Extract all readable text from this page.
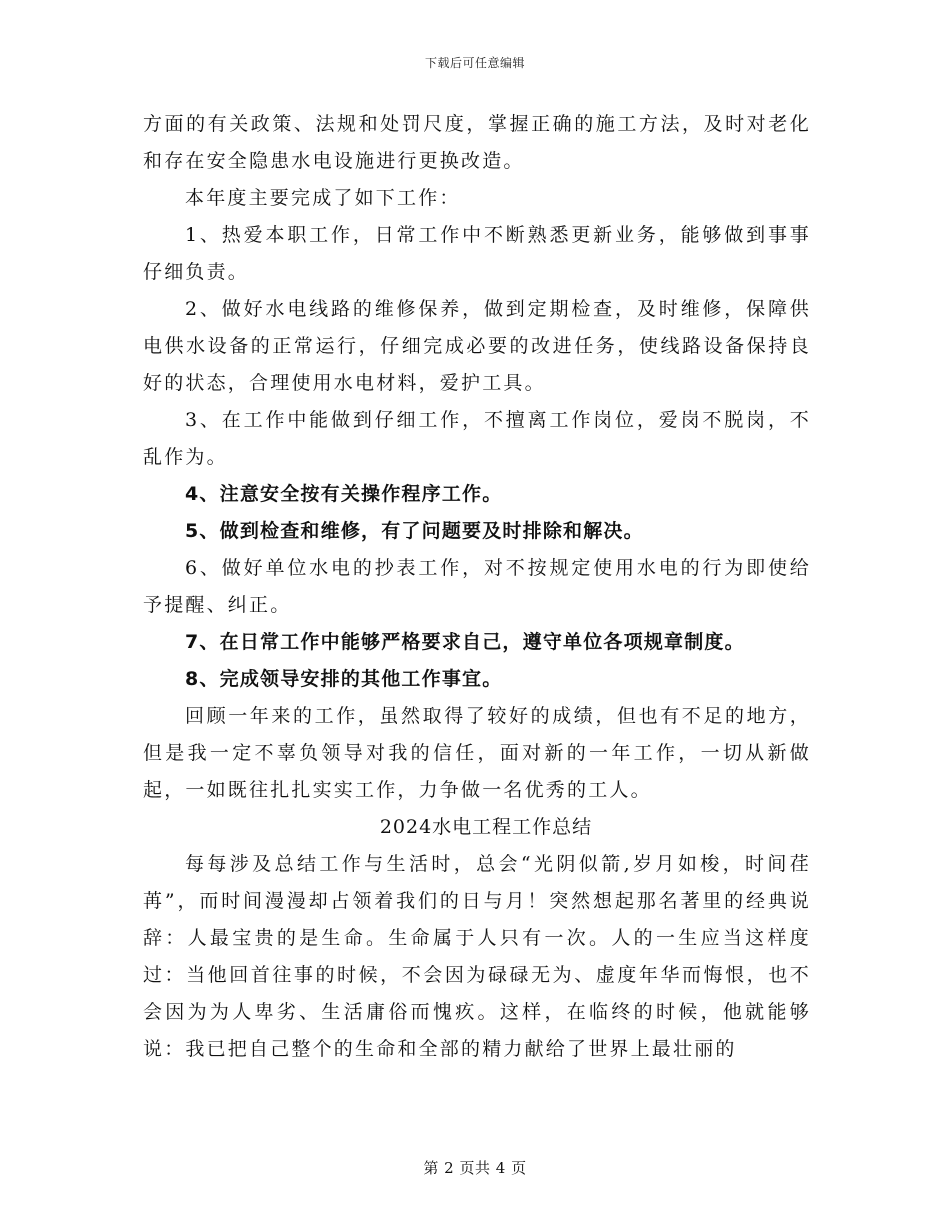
下载后可任意编辑

方面的有关政策、法规和处罚尺度，掌握正确的施工方法，及时对老化和存在安全隐患水电设施进行更换改造。

本年度主要完成了如下工作：

1、热爱本职工作，日常工作中不断熟悉更新业务，能够做到事事仔细负责。

2、做好水电线路的维修保养，做到定期检查，及时维修，保障供电供水设备的正常运行，仔细完成必要的改进任务，使线路设备保持良好的状态，合理使用水电材料，爱护工具。

3、在工作中能做到仔细工作，不擅离工作岗位，爱岗不脱岗，不乱作为。

4、注意安全按有关操作程序工作。

5、做到检查和维修，有了问题要及时排除和解决。

6、做好单位水电的抄表工作，对不按规定使用水电的行为即使给予提醒、纠正。

7、在日常工作中能够严格要求自己，遵守单位各项规章制度。

8、完成领导安排的其他工作事宜。

回顾一年来的工作，虽然取得了较好的成绩，但也有不足的地方，但是我一定不辜负领导对我的信任，面对新的一年工作，一切从新做起，一如既往扎扎实实工作，力争做一名优秀的工人。

2024水电工程工作总结

每每涉及总结工作与生活时，总会“光阴似箭,岁月如梭，时间荏苒”，而时间漫漫却占领着我们的日与月！突然想起那名著里的经典说辞：人最宝贵的是生命。生命属于人只有一次。人的一生应当这样度过：当他回首往事的时候，不会因为碌碌无为、虚度年华而悔恨，也不会因为为人卑劣、生活庸俗而愧疚。这样，在临终的时候，他就能够说：我已把自己整个的生命和全部的精力献给了世界上最壮丽的

第 2 页共 4 页
